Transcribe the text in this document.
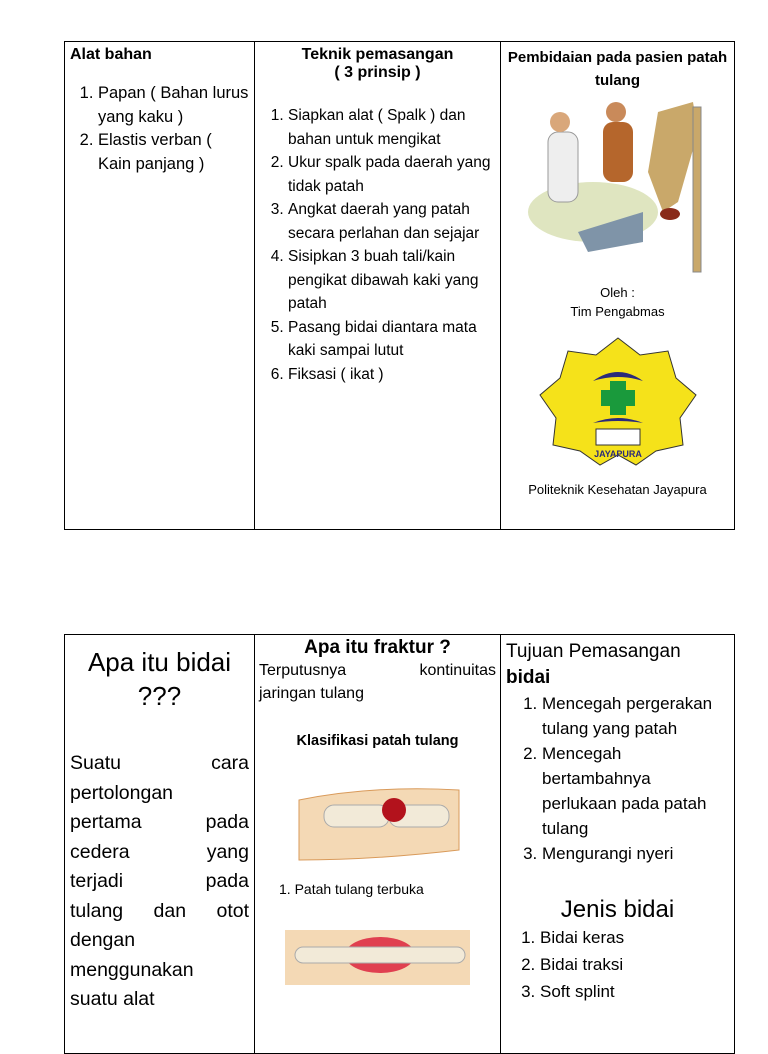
Alat bahan
1. Papan ( Bahan lurus yang kaku )
2. Elastis verban ( Kain panjang )

Teknik pemasangan
( 3 prinsip )
1. Siapkan alat ( Spalk ) dan bahan untuk mengikat
2. Ukur spalk pada daerah yang tidak patah
3. Angkat daerah yang patah secara perlahan dan sejajar
4. Sisipkan 3 buah tali/kain pengikat dibawah kaki yang patah
5. Pasang bidai diantara mata kaki sampai lutut
6. Fiksasi ( ikat )

Pembidaian pada pasien patah tulang
Oleh :
Tim Pengabmas
JAYAPURA
Politeknik Kesehatan Jayapura
Apa itu bidai ???
Suatu cara
pertolongan
pertama pada
cedera yang
terjadi pada
tulang dan otot
dengan
menggunakan
suatu alat

Apa itu fraktur ?
Terputusnya kontinuitas
jaringan tulang
Klasifikasi patah tulang
1. Patah tulang terbuka

Tujuan Pemasangan
bidai
1. Mencegah pergerakan tulang yang patah
2. Mencegah bertambahnya perlukaan pada patah tulang
3. Mengurangi nyeri
Jenis bidai
1. Bidai keras
2. Bidai traksi
3. Soft splint
